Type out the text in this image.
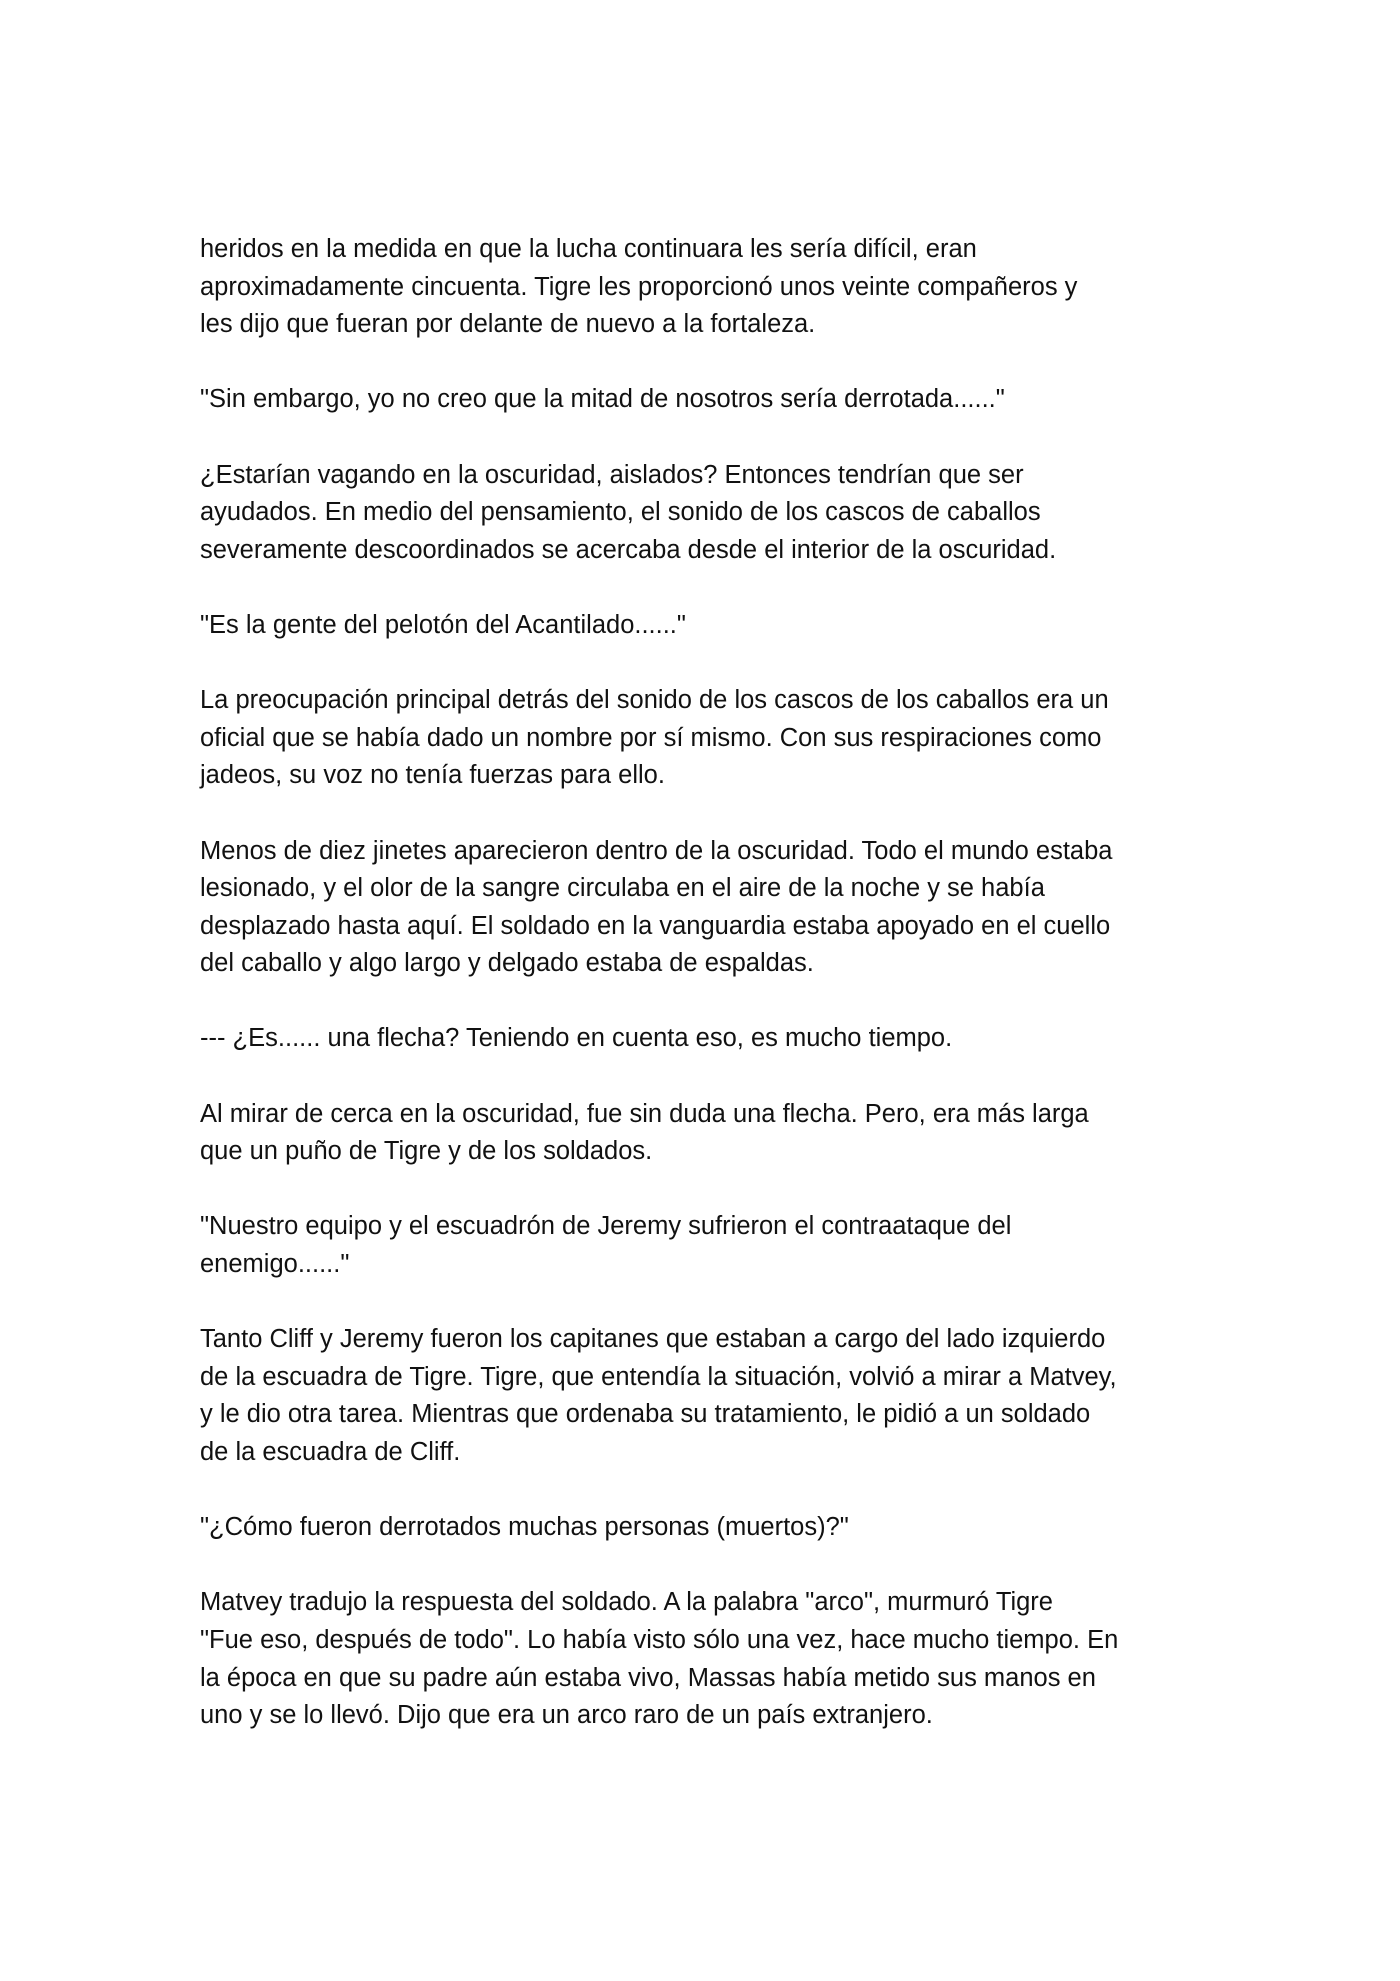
heridos en la medida en que la lucha continuara les sería difícil, eran
aproximadamente cincuenta. Tigre les proporcionó unos veinte compañeros y
les dijo que fueran por delante de nuevo a la fortaleza.

"Sin embargo, yo no creo que la mitad de nosotros sería derrotada......"

¿Estarían vagando en la oscuridad, aislados? Entonces tendrían que ser
ayudados. En medio del pensamiento, el sonido de los cascos de caballos
severamente descoordinados se acercaba desde el interior de la oscuridad.

"Es la gente del pelotón del Acantilado......"

La preocupación principal detrás del sonido de los cascos de los caballos era un
oficial que se había dado un nombre por sí mismo. Con sus respiraciones como
jadeos, su voz no tenía fuerzas para ello.

Menos de diez jinetes aparecieron dentro de la oscuridad. Todo el mundo estaba
lesionado, y el olor de la sangre circulaba en el aire de la noche y se había
desplazado hasta aquí. El soldado en la vanguardia estaba apoyado en el cuello
del caballo y algo largo y delgado estaba de espaldas.

--- ¿Es...... una flecha? Teniendo en cuenta eso, es mucho tiempo.

Al mirar de cerca en la oscuridad, fue sin duda una flecha. Pero, era más larga
que un puño de Tigre y de los soldados.

"Nuestro equipo y el escuadrón de Jeremy sufrieron el contraataque del
enemigo......"

Tanto Cliff y Jeremy fueron los capitanes que estaban a cargo del lado izquierdo
de la escuadra de Tigre. Tigre, que entendía la situación, volvió a mirar a Matvey,
y le dio otra tarea. Mientras que ordenaba su tratamiento, le pidió a un soldado
de la escuadra de Cliff.

"¿Cómo fueron derrotados muchas personas (muertos)?"

Matvey tradujo la respuesta del soldado. A la palabra "arco", murmuró Tigre
"Fue eso, después de todo". Lo había visto sólo una vez, hace mucho tiempo. En
la época en que su padre aún estaba vivo, Massas había metido sus manos en
uno y se lo llevó. Dijo que era un arco raro de un país extranjero.
